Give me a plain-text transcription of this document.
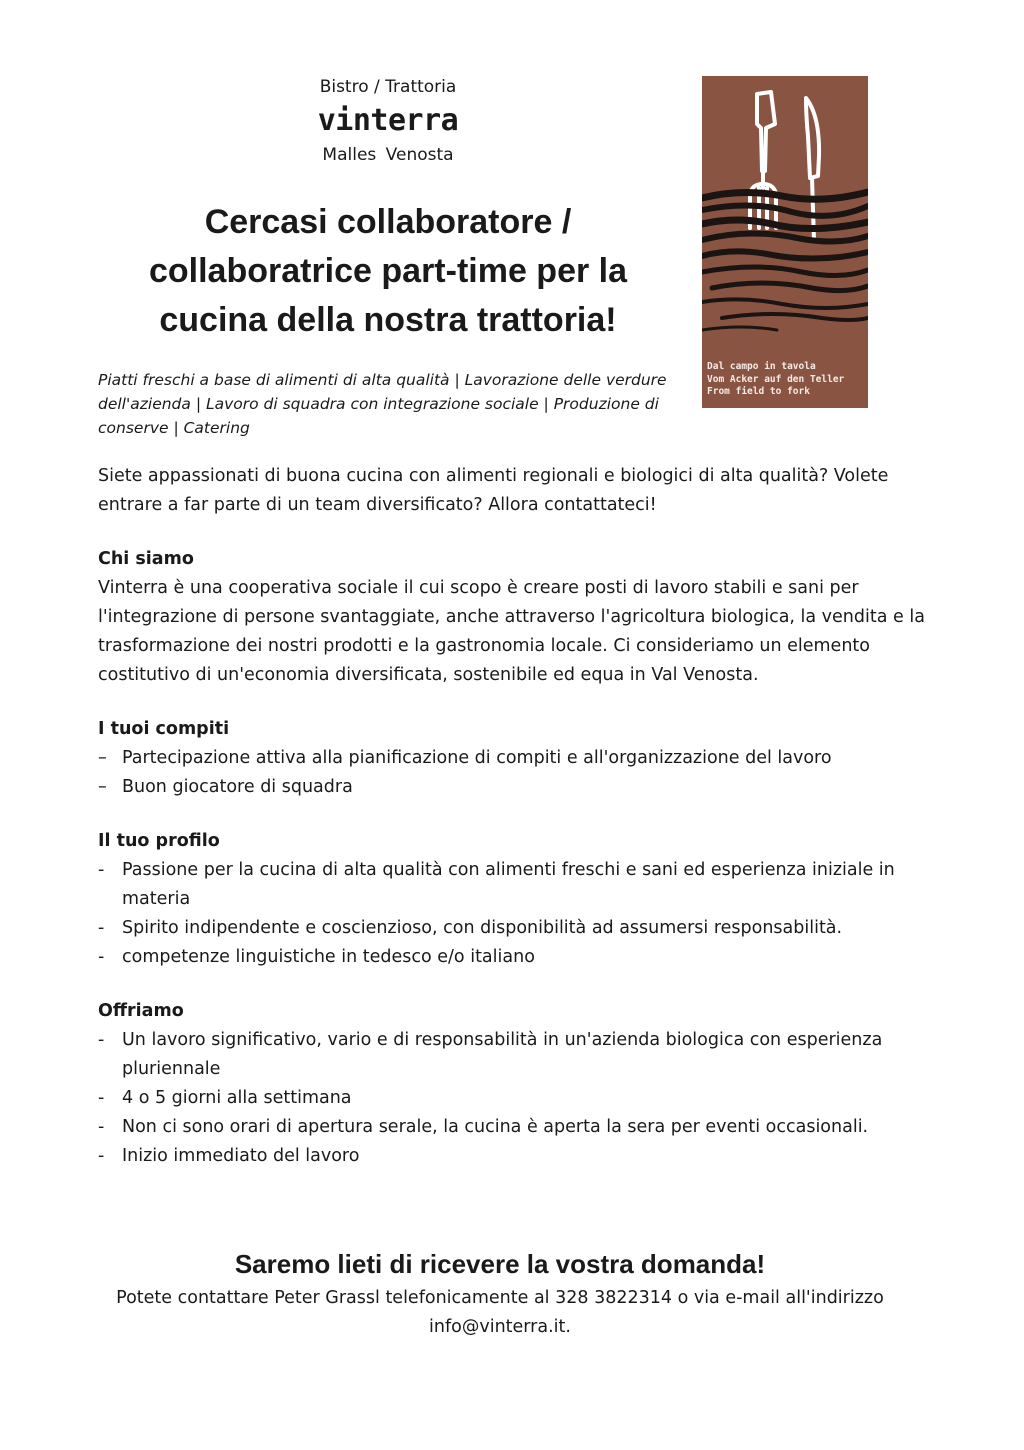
Bistro / Trattoria

vinterra

Malles Venosta

Cercasi collaboratore / collaboratrice part-time per la cucina della nostra trattoria!

Piatti freschi a base di alimenti di alta qualità | Lavorazione delle verdure dell'azienda | Lavoro di squadra con integrazione sociale | Produzione di conserve | Catering

Dal campo in tavola
Vom Acker auf den Teller
From field to fork

Siete appassionati di buona cucina con alimenti regionali e biologici di alta qualità? Volete entrare a far parte di un team diversificato? Allora contattateci!

Chi siamo

Vinterra è una cooperativa sociale il cui scopo è creare posti di lavoro stabili e sani per l'integrazione di persone svantaggiate, anche attraverso l'agricoltura biologica, la vendita e la trasformazione dei nostri prodotti e la gastronomia locale. Ci consideriamo un elemento costitutivo di un'economia diversificata, sostenibile ed equa in Val Venosta.

I tuoi compiti

– Partecipazione attiva alla pianificazione di compiti e all'organizzazione del lavoro
– Buon giocatore di squadra

Il tuo profilo

- Passione per la cucina di alta qualità con alimenti freschi e sani ed esperienza iniziale in materia
- Spirito indipendente e coscienzioso, con disponibilità ad assumersi responsabilità.
- competenze linguistiche in tedesco e/o italiano

Offriamo

- Un lavoro significativo, vario e di responsabilità in un'azienda biologica con esperienza pluriennale
- 4 o 5 giorni alla settimana
- Non ci sono orari di apertura serale, la cucina è aperta la sera per eventi occasionali.
- Inizio immediato del lavoro

Saremo lieti di ricevere la vostra domanda!

Potete contattare Peter Grassl telefonicamente al 328 3822314 o via e-mail all'indirizzo

info@vinterra.it.
